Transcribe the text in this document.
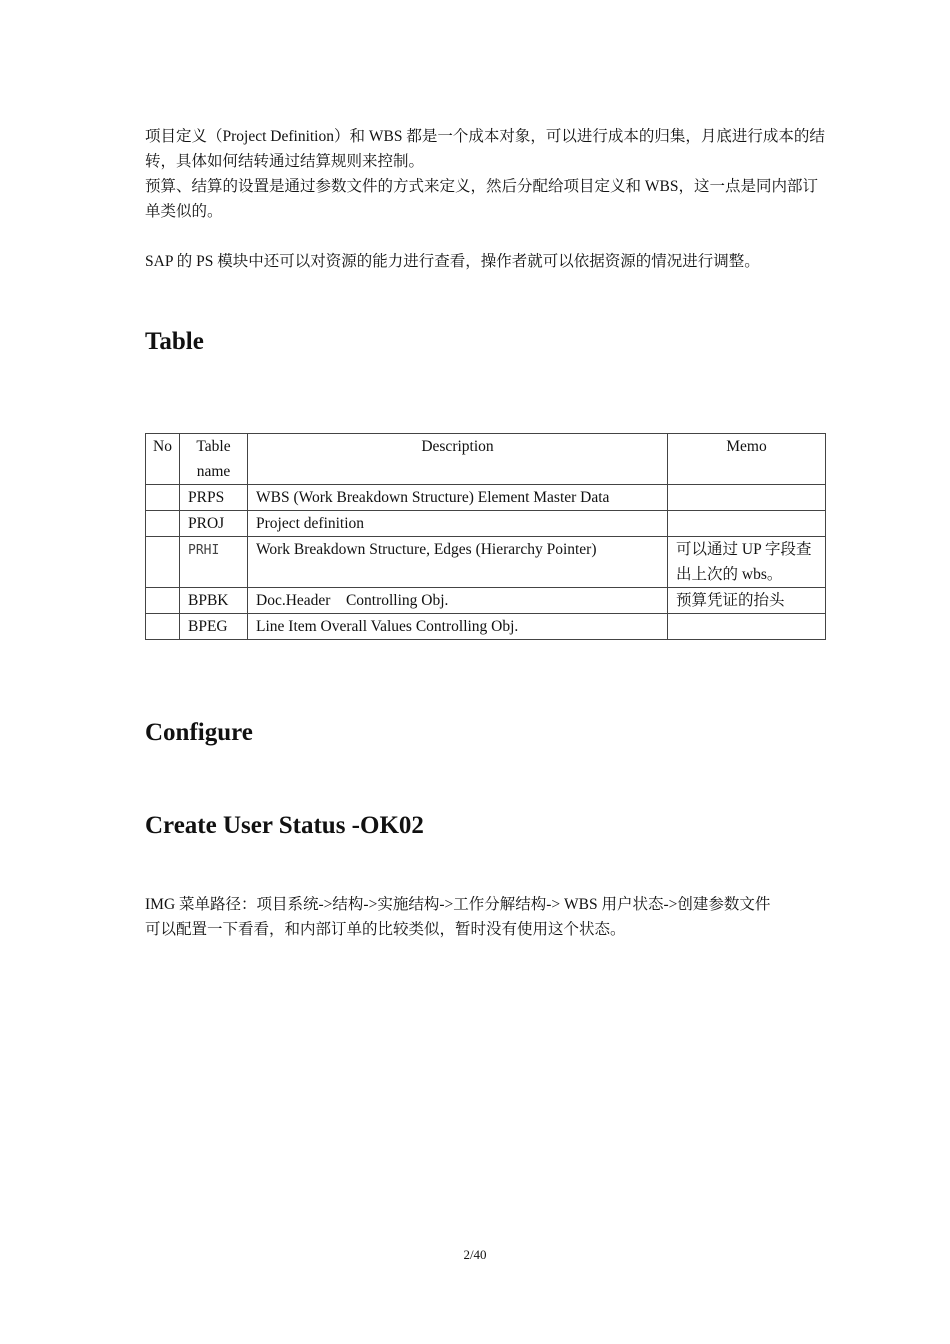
项目定义（Project Definition）和 WBS 都是一个成本对象，可以进行成本的归集，月底进行成本的结转，具体如何结转通过结算规则来控制。

预算、结算的设置是通过参数文件的方式来定义，然后分配给项目定义和 WBS，这一点是同内部订单类似的。

SAP 的 PS 模块中还可以对资源的能力进行查看，操作者就可以依据资源的情况进行调整。

Table
No	Table name	Description	Memo
	PRPS	WBS (Work Breakdown Structure) Element Master Data	
	PROJ	Project definition	
	PRHI	Work Breakdown Structure, Edges (Hierarchy Pointer)	可以通过 UP 字段查出上次的 wbs。
	BPBK	Doc.Header　Controlling Obj.	预算凭证的抬头
	BPEG	Line Item Overall Values Controlling Obj.	
Configure
Create User Status -OK02

IMG 菜单路径：项目系统->结构->实施结构->工作分解结构-> WBS 用户状态->创建参数文件

可以配置一下看看，和内部订单的比较类似，暂时没有使用这个状态。

2/40
